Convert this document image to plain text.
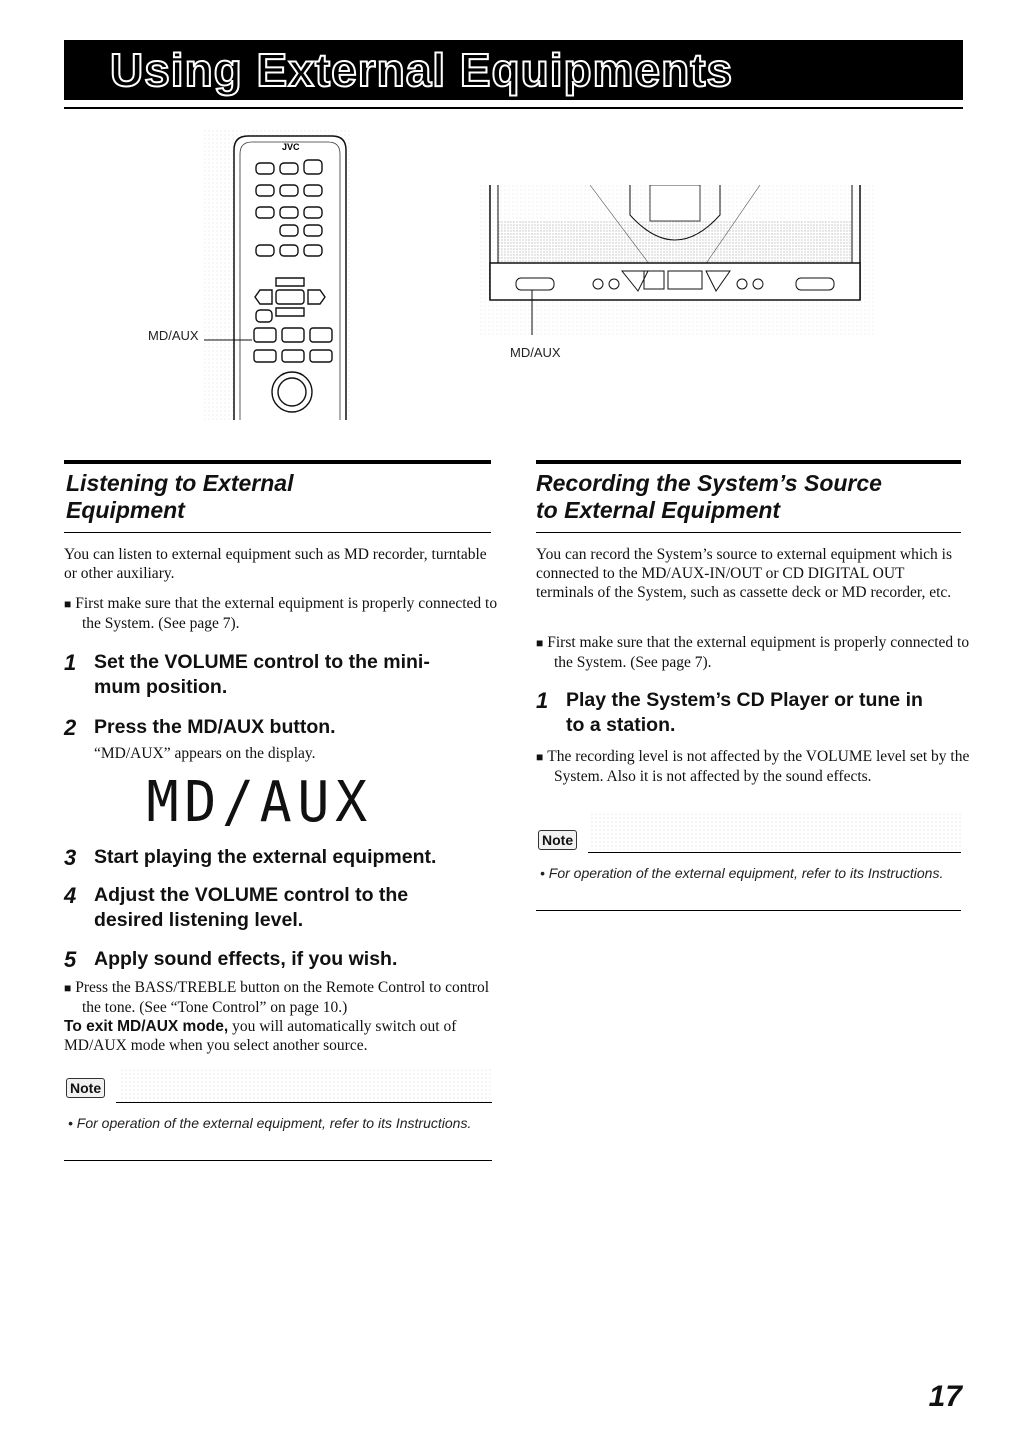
Using External Equipments
JVC
MD/AUX
MD/AUX
Listening to External
Equipment
You can listen to external equipment such as MD recorder, turntable or other auxiliary.
■ First make sure that the external equipment is properly connected to the System. (See page 7).
1 Set the VOLUME control to the mini-
mum position.
2 Press the MD/AUX button.
“MD/AUX” appears on the display.
MD/AUX
3 Start playing the external equipment.
4 Adjust the VOLUME control to the
desired listening level.
5 Apply sound effects, if you wish.
■ Press the BASS/TREBLE button on the Remote Control to control the tone. (See “Tone Control” on page 10.)
To exit MD/AUX mode, you will automatically switch out of MD/AUX mode when you select another source.
Note
• For operation of the external equipment, refer to its Instructions.
Recording the System’s Source
to External Equipment
You can record the System’s source to external equipment which is connected to the MD/AUX-IN/OUT or CD DIGITAL OUT terminals of the System, such as cassette deck or MD recorder, etc.
■ First make sure that the external equipment is properly connected to the System. (See page 7).
1 Play the System’s CD Player or tune in
to a station.
■ The recording level is not affected by the VOLUME level set by the System. Also it is not affected by the sound effects.
Note
• For operation of the external equipment, refer to its Instructions.
17
